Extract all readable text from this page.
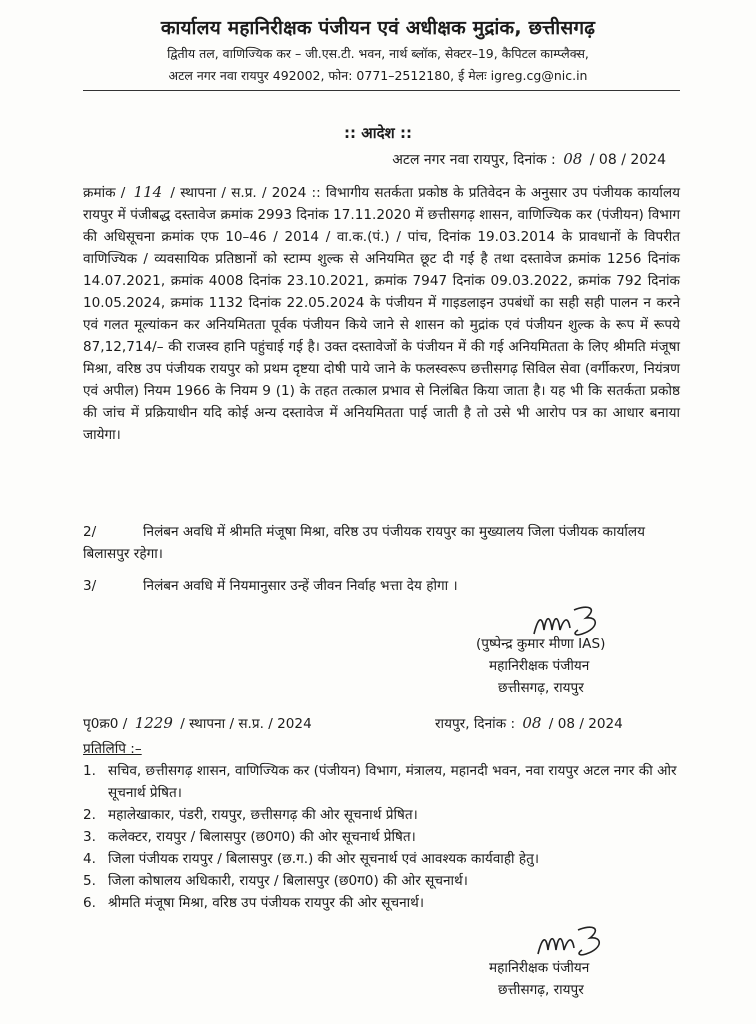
कार्यालय महानिरीक्षक पंजीयन एवं अधीक्षक मुद्रांक, छत्तीसगढ़
द्वितीय तल, वाणिज्यिक कर – जी.एस.टी. भवन, नार्थ ब्लॉक, सेक्टर–19, कैपिटल काम्प्लैक्स,
अटल नगर नवा रायपुर 492002, फोन: 0771–2512180, ई मेलः igreg.cg@nic.in
:: आदेश ::
अटल नगर नवा रायपुर, दिनांक : 08 / 08 / 2024
क्रमांक / 114 / स्थापना / स.प्र. / 2024 :: विभागीय सतर्कता प्रकोष्ठ के प्रतिवेदन के अनुसार उप पंजीयक कार्यालय रायपुर में पंजीबद्ध दस्तावेज क्रमांक 2993 दिनांक 17.11.2020 में छत्तीसगढ़ शासन, वाणिज्यिक कर (पंजीयन) विभाग की अधिसूचना क्रमांक एफ 10–46 / 2014 / वा.क.(पं.) / पांच, दिनांक 19.03.2014 के प्रावधानों के विपरीत वाणिज्यिक / व्यवसायिक प्रतिष्ठानों को स्टाम्प शुल्क से अनियमित छूट दी गई है तथा दस्तावेज क्रमांक 1256 दिनांक 14.07.2021, क्रमांक 4008 दिनांक 23.10.2021, क्रमांक 7947 दिनांक 09.03.2022, क्रमांक 792 दिनांक 10.05.2024, क्रमांक 1132 दिनांक 22.05.2024 के पंजीयन में गाइडलाइन उपबंधों का सही सही पालन न करने एवं गलत मूल्यांकन कर अनियमितता पूर्वक पंजीयन किये जाने से शासन को मुद्रांक एवं पंजीयन शुल्क के रूप में रूपये 87,12,714/– की राजस्व हानि पहुंचाई गई है। उक्त दस्तावेजों के पंजीयन में की गई अनियमितता के लिए श्रीमति मंजूषा मिश्रा, वरिष्ठ उप पंजीयक रायपुर को प्रथम दृष्टया दोषी पाये जाने के फलस्वरूप छत्तीसगढ़ सिविल सेवा (वर्गीकरण, नियंत्रण एवं अपील) नियम 1966 के नियम 9 (1) के तहत तत्काल प्रभाव से निलंबित किया जाता है। यह भी कि सतर्कता प्रकोष्ठ की जांच में प्रक्रियाधीन यदि कोई अन्य दस्तावेज में अनियमितता पाई जाती है तो उसे भी आरोप पत्र का आधार बनाया जायेगा।
2/	निलंबन अवधि में श्रीमति मंजूषा मिश्रा, वरिष्ठ उप पंजीयक रायपुर का मुख्यालय जिला पंजीयक कार्यालय बिलासपुर रहेगा।
3/	निलंबन अवधि में नियमानुसार उन्हें जीवन निर्वाह भत्ता देय होगा ।
(पुष्पेन्द्र कुमार मीणा IAS)
महानिरीक्षक पंजीयन
छत्तीसगढ़, रायपुर
पृ0क्र0 / 1229 / स्थापना / स.प्र. / 2024	रायपुर, दिनांक : 08 / 08 / 2024
प्रतिलिपि :–
1. सचिव, छत्तीसगढ़ शासन, वाणिज्यिक कर (पंजीयन) विभाग, मंत्रालय, महानदी भवन, नवा रायपुर अटल नगर की ओर सूचनार्थ प्रेषित।
2. महालेखाकार, पंडरी, रायपुर, छत्तीसगढ़ की ओर सूचनार्थ प्रेषित।
3. कलेक्टर, रायपुर / बिलासपुर (छ0ग0) की ओर सूचनार्थ प्रेषित।
4. जिला पंजीयक रायपुर / बिलासपुर (छ.ग.) की ओर सूचनार्थ एवं आवश्यक कार्यवाही हेतु।
5. जिला कोषालय अधिकारी, रायपुर / बिलासपुर (छ0ग0) की ओर सूचनार्थ।
6. श्रीमति मंजूषा मिश्रा, वरिष्ठ उप पंजीयक रायपुर की ओर सूचनार्थ।
महानिरीक्षक पंजीयन
छत्तीसगढ़, रायपुर
